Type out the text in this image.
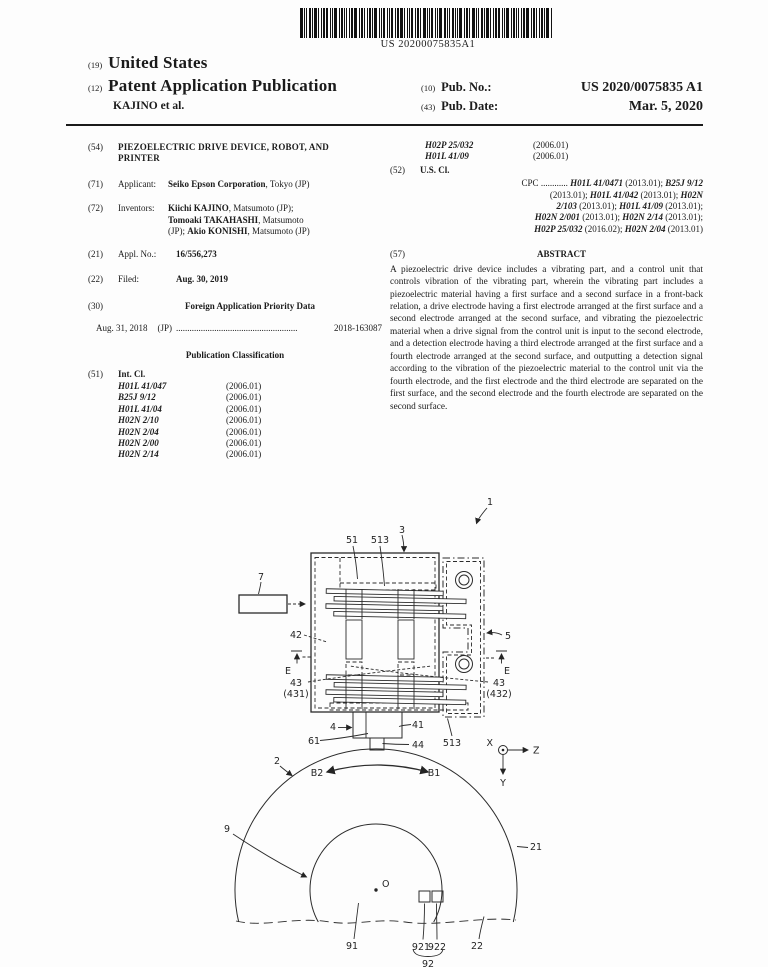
US 20200075835A1
(19) United States
(12) Patent Application Publication
KAJINO et al.
(10) Pub. No.:	US 2020/0075835 A1
(43) Pub. Date:	Mar. 5, 2020
(54)	PIEZOELECTRIC DRIVE DEVICE, ROBOT, AND PRINTER
(71)	Applicant:	Seiko Epson Corporation, Tokyo (JP)
(72)	Inventors:	Kiichi KAJINO, Matsumoto (JP);
Tomoaki TAKAHASHI, Matsumoto
(JP); Akio KONISHI, Matsumoto (JP)
(21)	Appl. No.:	16/556,273
(22)	Filed:	Aug. 30, 2019
(30)	Foreign Application Priority Data
Aug. 31, 2018 (JP) ......................................................	2018-163087
Publication Classification
(51)	Int. Cl.
H01L 41/047	(2006.01)
B25J 9/12	(2006.01)
H01L 41/04	(2006.01)
H02N 2/10	(2006.01)
H02N 2/04	(2006.01)
H02N 2/00	(2006.01)
H02N 2/14	(2006.01)
H02P 25/032	(2006.01)
H01L 41/09	(2006.01)
(52)	U.S. Cl.
CPC ............ H01L 41/0471 (2013.01); B25J 9/12
(2013.01); H01L 41/042 (2013.01); H02N
2/103 (2013.01); H01L 41/09 (2013.01);
H02N 2/001 (2013.01); H02N 2/14 (2013.01);
H02P 25/032 (2016.02); H02N 2/04 (2013.01)
(57)	ABSTRACT
A piezoelectric drive device includes a vibrating part, and a control unit that controls vibration of the vibrating part, wherein the vibrating part includes a piezoelectric material having a first surface and a second surface in a front-back relation, a drive electrode having a first electrode arranged at the first surface and a second electrode arranged at the second surface, and vibrating the piezoelectric material when a drive signal from the control unit is input to the second electrode, and a detection electrode having a third electrode arranged at the first surface and a fourth electrode arranged at the second surface, and outputting a detection signal according to the vibration of the piezoelectric material to the control unit via the fourth electrode, and the first electrode and the third electrode are separated on the first surface, and the second electrode and the fourth electrode are separated on the second surface.
1
3
51 513
7
42	5
E	E
43
(431)
43
(432)
4	41
61	44 513
2
B2	B1
X
Z
Y
9
21
O
91	921
922
92
22
